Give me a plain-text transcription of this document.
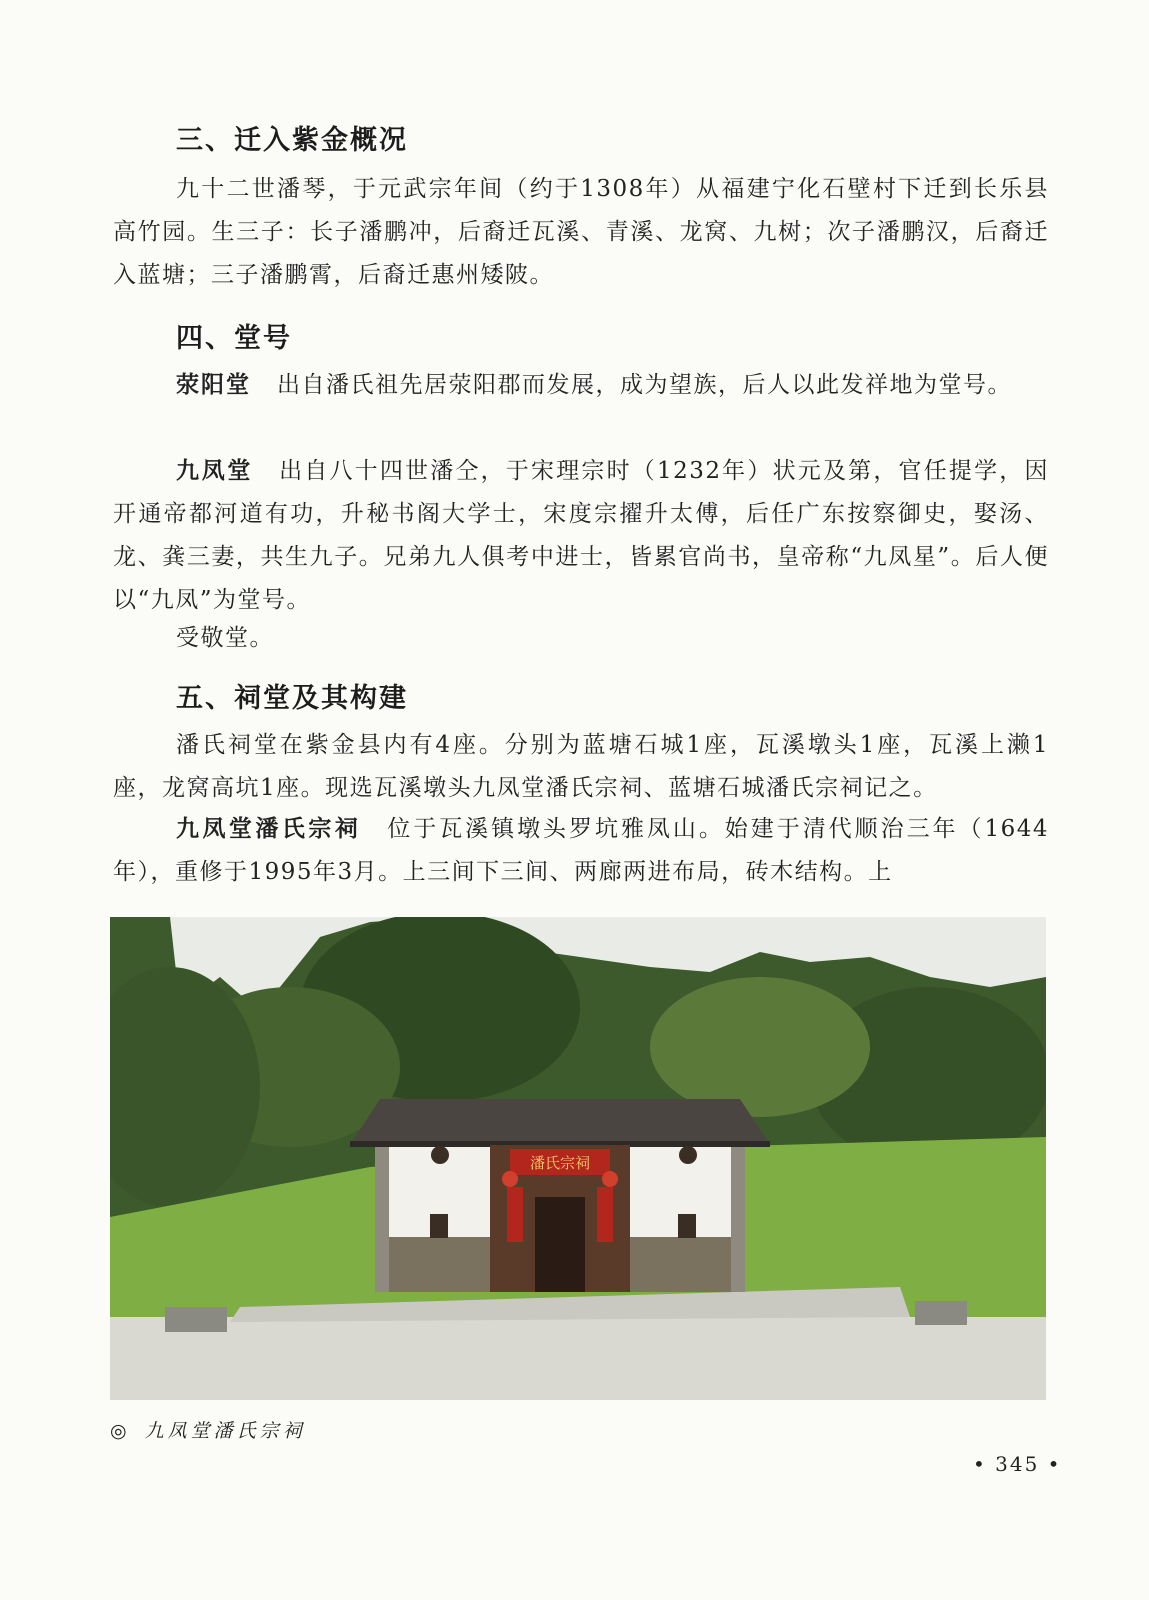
三、迁入紫金概况

九十二世潘琴，于元武宗年间（约于1308年）从福建宁化石壁村下迁到长乐县高竹园。生三子：长子潘鹏冲，后裔迁瓦溪、青溪、龙窝、九树；次子潘鹏汉，后裔迁入蓝塘；三子潘鹏霄，后裔迁惠州矮陂。

四、堂号

荥阳堂 出自潘氏祖先居荥阳郡而发展，成为望族，后人以此发祥地为堂号。

九凤堂 出自八十四世潘仝，于宋理宗时（1232年）状元及第，官任提学，因开通帝都河道有功，升秘书阁大学士，宋度宗擢升太傅，后任广东按察御史，娶汤、龙、龚三妻，共生九子。兄弟九人俱考中进士，皆累官尚书，皇帝称“九凤星”。后人便以“九凤”为堂号。

受敬堂。

五、祠堂及其构建

潘氏祠堂在紫金县内有4座。分别为蓝塘石城1座，瓦溪墩头1座，瓦溪上濑1座，龙窝高坑1座。现选瓦溪墩头九凤堂潘氏宗祠、蓝塘石城潘氏宗祠记之。

九凤堂潘氏宗祠 位于瓦溪镇墩头罗坑雅凤山。始建于清代顺治三年（1644年），重修于1995年3月。上三间下三间、两廊两进布局，砖木结构。上

潘氏宗祠
◎ 九凤堂潘氏宗祠
• 345 •
